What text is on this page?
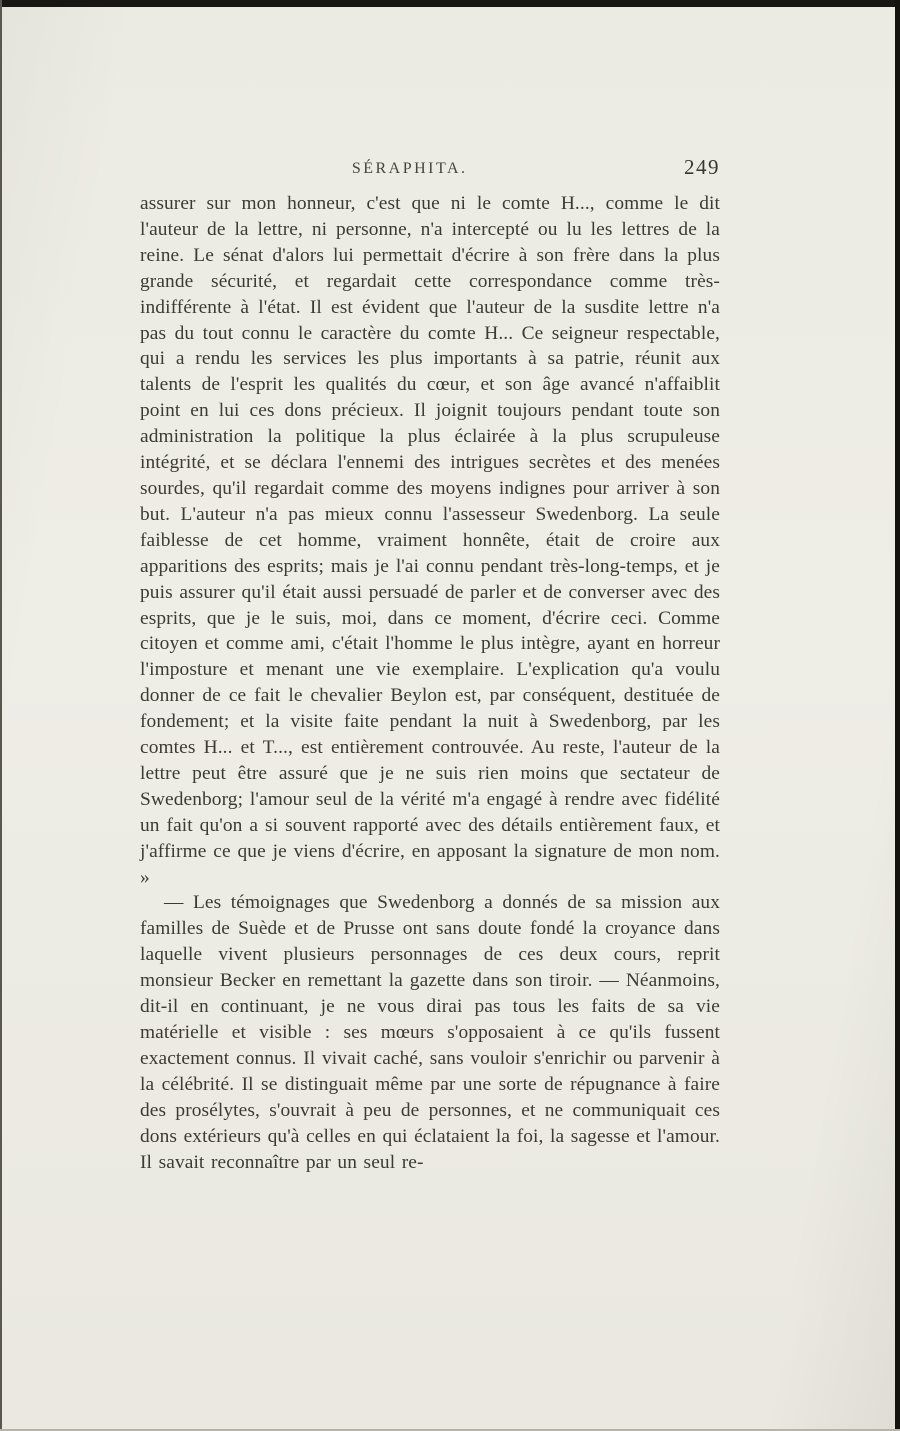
SÉRAPHITA.	249

assurer sur mon honneur, c'est que ni le comte H..., comme le dit l'auteur de la lettre, ni personne, n'a intercepté ou lu les lettres de la reine. Le sénat d'alors lui permettait d'écrire à son frère dans la plus grande sécurité, et regardait cette correspondance comme très-indifférente à l'état. Il est évident que l'auteur de la susdite lettre n'a pas du tout connu le caractère du comte H... Ce seigneur respectable, qui a rendu les services les plus importants à sa patrie, réunit aux talents de l'esprit les qualités du cœur, et son âge avancé n'affaiblit point en lui ces dons précieux. Il joignit toujours pendant toute son administration la politique la plus éclairée à la plus scrupuleuse intégrité, et se déclara l'ennemi des intrigues secrètes et des menées sourdes, qu'il regardait comme des moyens indignes pour arriver à son but. L'auteur n'a pas mieux connu l'assesseur Swedenborg. La seule faiblesse de cet homme, vraiment honnête, était de croire aux apparitions des esprits; mais je l'ai connu pendant très-long-temps, et je puis assurer qu'il était aussi persuadé de parler et de converser avec des esprits, que je le suis, moi, dans ce moment, d'écrire ceci. Comme citoyen et comme ami, c'était l'homme le plus intègre, ayant en horreur l'imposture et menant une vie exemplaire. L'explication qu'a voulu donner de ce fait le chevalier Beylon est, par conséquent, destituée de fondement; et la visite faite pendant la nuit à Swedenborg, par les comtes H... et T..., est entièrement controuvée. Au reste, l'auteur de la lettre peut être assuré que je ne suis rien moins que sectateur de Swedenborg; l'amour seul de la vérité m'a engagé à rendre avec fidélité un fait qu'on a si souvent rapporté avec des détails entièrement faux, et j'affirme ce que je viens d'écrire, en apposant la signature de mon nom. »

— Les témoignages que Swedenborg a donnés de sa mission aux familles de Suède et de Prusse ont sans doute fondé la croyance dans laquelle vivent plusieurs personnages de ces deux cours, reprit monsieur Becker en remettant la gazette dans son tiroir. — Néanmoins, dit-il en continuant, je ne vous dirai pas tous les faits de sa vie matérielle et visible : ses mœurs s'opposaient à ce qu'ils fussent exactement connus. Il vivait caché, sans vouloir s'enrichir ou parvenir à la célébrité. Il se distinguait même par une sorte de répugnance à faire des prosélytes, s'ouvrait à peu de personnes, et ne communiquait ces dons extérieurs qu'à celles en qui éclataient la foi, la sagesse et l'amour. Il savait reconnaître par un seul re-
